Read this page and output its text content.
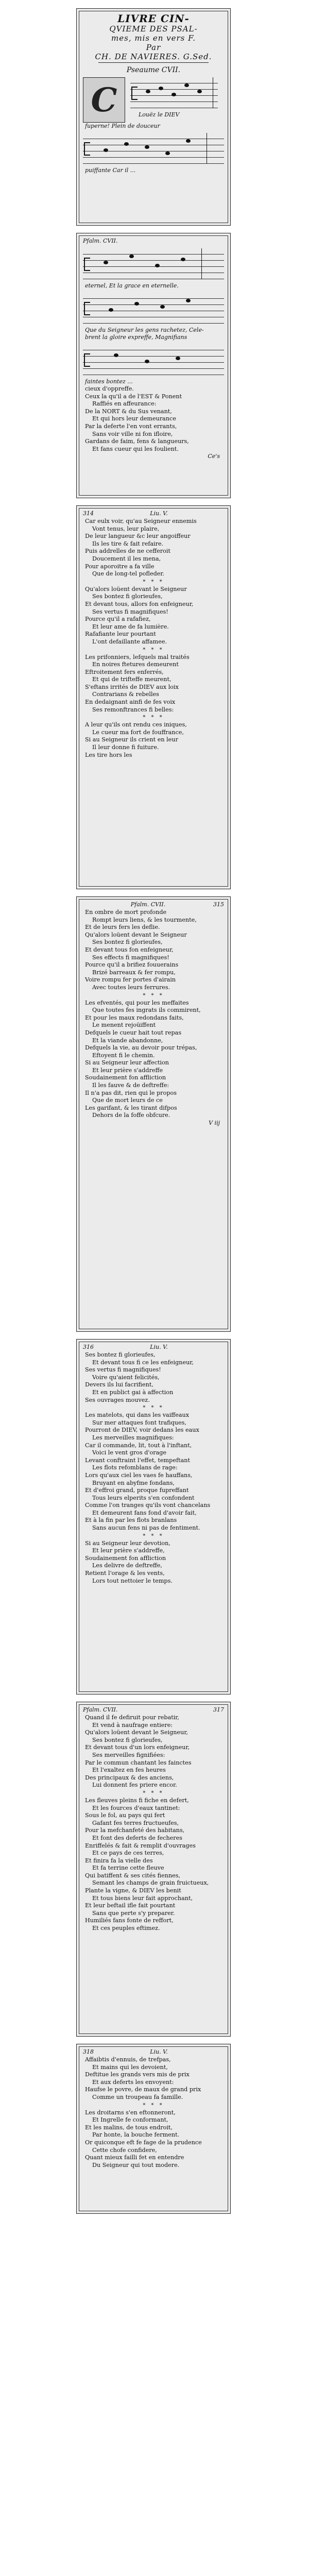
LIVRE CIN-
QVIEME DES PSAL-
mes, mis en vers F.
Par
CH. DE NAVIERES. G.Sed.
Pseaume CVII.
C	Louëz le DIEV
fuperne! Plein de douceur
puiffante Car il ...
Pfalm. CVII.
eternel, Et la grace en eternelle.
Que du Seigneur les gens rachetez, Cele-
brent la gloire expreffe, Magnifians
faintes bontez ...
cieux d'oppreffe.
Ceux la qu'il a de l'EST & Ponent
Raffiés en affeurance:
De la NORT & du Sus venant,
Et qui hors leur demeurance
Par la deferte l'en vont errants,
Sans voir ville ni fon ifloire,
Gardans de faim, fens & langueurs,
Et fans cueur qui les foulient.
Ce's
314	Liu. V.
Car eulx voir, qu'au Seigneur ennemis
Vont tenus, leur plaire,
De leur langueur &c leur angoiffeur
Ils les tire & fait refaire.
Puis addrelles de ne cefferoit
Doucement il les mena,
Pour aporoitre a fa ville
Que de long-tel pofleder.
* * *
Qu'alors loüent devant le Seigneur
Ses bontez fi glorieufes,
Et devant tous, allors fon enfeigneur,
Ses vertus fi magnifiques!
Pource qu'il a rafafiez,
Et leur ame de fa lumière.
Rafafiante leur pourtant
L'ont defaillante affamee.
* * *
Les prifonniers, lefquels mal traités
En noires ftetures demeurent
Eftroitement fers enferrés,
Et qui de trifteffe meurent,
S'eftans irrités de DIEV aux loix
Contrarians & rebelles
En dedaignant ainfi de fes voix
Ses remonftrances fi belles:
* * *
A leur qu'ils ont rendu ces iniques,
Le cueur ma fort de fouffrance,
Si au Seigneur ils crient en leur
Il leur donne fi fuiture.
Les tire hors les
Pfalm. CVII.	315
En ombre de mort profonde
Rompt leurs liens, & les tourmente,
Et de leurs fers les deflie.
Qu'alors loüent devant le Seigneur
Ses bontez fi glorieufes,
Et devant tous fon enfeigneur,
Ses effects fi magnifiques!
Pource qu'il a brifiez fouuerains
Brizé barreaux & fer rompu,
Voire rompu fer portes d'airain
Avec toutes leurs ferrures.
* * *
Les efventés, qui pour les meffaites
Que toutes fes ingrats ils commirent,
Et pour les maux redondans faits,
Le menent rejoüiffent
Defquels le cueur hait tout repas
Et la viande abandonne,
Defquels la vie, au devoir pour trépas,
Eftoyent fi le chemin.
Si au Seigneur leur affection
Et leur prière s'addreffe
Soudainement fon affliction
Il les fauve & de deftreffe:
Il n'a pas dit, rien qui le propos
Que de mort leurs de ce
Les garifant, & les tirant difpos
Dehors de la foffe obfcure.
V iij
316	Liu. V.
Ses bontez fi glorieufes,
Et devant tous fi ce les enfeigneur,
Ses vertus fi magnifiques!
Voire qu'aient felicités,
Devers ils lui facrifient,
Et en publict gai à affection
Ses ouvrages mouvez.
* * *
Les matelots, qui dans les vaiffeaux
Sur mer attaques font trafiques,
Pourront de DIEV, voir dedans les eaux
Les merveilles magnifiques:
Car il commande, lit, tout à l'inftant,
Voici le vent gros d'orage
Levant conftraint l'effet, tempeftant
Les flots refomblans de rage:
Lors qu'aux ciel les vaes fe hauffans,
Bruyant en abyfme fondans,
Et d'effroi grand, proque fupreffant
Tous leurs elperits s'en confondent
Comme l'on tranges qu'ils vont chancelans
Et demeurent fans fond d'avoir fait,
Et à la fin par les flots branlans
Sans aucun fens ni pas de fentiment.
* * *
Si au Seigneur leur devotion,
Et leur prière s'addreffe,
Soudainement fon affliction
Les delivre de deftreffe,
Retient l'orage & les vents,
Lors tout nettoier le temps.
Pfalm. CVII.	317
Quand il fe defiruit pour rebatir,
Et vend à naufrage entiere:
Qu'alors loüent devant le Seigneur,
Ses bontez fi glorieufes,
Et devant tous d'un lors enfeigneur,
Ses merveilles fignifiées:
Par le commun chantant les fainctes
Et l'exaltez en fes heures
Des principaux & des anciens,
Lui donnent fes priere encor.
* * *
Les fleuves pleins fi fiche en defert,
Et les fources d'eaux tantinet:
Sous le fol, au pays qui fert
Gafant fes terres fructueufes,
Pour la mefchanfeté des habitans,
Et font des deferts de fecheres
Enriffelés & fait & remplit d'ouvrages
Et ce pays de ces terres,
Et finira fa la vielle des
Et fa terrine cette fleuve
Qui batiffent & ses cités fiennes,
Semant les champs de grain fruictueux,
Plante la vigne, & DIEV les benit
Et tous biens leur fait approchant,
Et leur beftail ifle fait pourtant
Sans que perte s'y preparer.
Humiliés fans fonte de reffort,
Et ces peuples eftimez.
318	Liu. V.
Affaibtis d'ennuis, de trefpas,
Et mains qui les devoient,
Deftitue les grands vers mis de prix
Et aux deferts les envoyent:
Haufse le povre, de maux de grand prix
Comme un troupeau fa famille.
* * *
Les droitarns s'en eftonneront,
Et Ingrelle fe conformant,
Et les malins, de tous endroit,
Par honte, la bouche ferment.
Or quiconque eft fe fage de la prudence
Cette chofe confidere,
Quant mieux failli fet en entendre
Du Seigneur qui tout modere.
